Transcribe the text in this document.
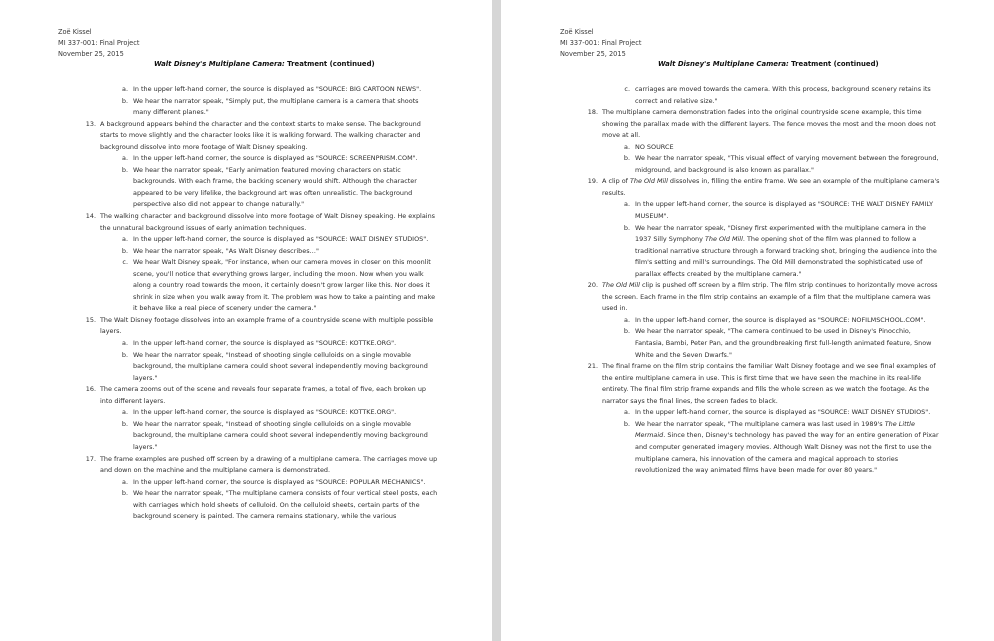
Zoë Kissel
MI 337-001: Final Project
November 25, 2015
Walt Disney's Multiplane Camera: Treatment (continued)
a. In the upper left-hand corner, the source is displayed as "SOURCE: BIG CARTOON NEWS".
b. We hear the narrator speak, "Simply put, the multiplane camera is a camera that shoots many different planes."
13. A background appears behind the character and the context starts to make sense. The background starts to move slightly and the character looks like it is walking forward. The walking character and background dissolve into more footage of Walt Disney speaking.
a. In the upper left-hand corner, the source is displayed as "SOURCE: SCREENPRISM.COM".
b. We hear the narrator speak, "Early animation featured moving characters on static backgrounds. With each frame, the backing scenery would shift. Although the character appeared to be very lifelike, the background art was often unrealistic. The background perspective also did not appear to change naturally."
14. The walking character and background dissolve into more footage of Walt Disney speaking. He explains the unnatural background issues of early animation techniques.
a. In the upper left-hand corner, the source is displayed as "SOURCE: WALT DISNEY STUDIOS".
b. We hear the narrator speak, "As Walt Disney describes…"
c. We hear Walt Disney speak, "For instance, when our camera moves in closer on this moonlit scene, you'll notice that everything grows larger, including the moon. Now when you walk along a country road towards the moon, it certainly doesn't grow larger like this. Nor does it shrink in size when you walk away from it. The problem was how to take a painting and make it behave like a real piece of scenery under the camera."
15. The Walt Disney footage dissolves into an example frame of a countryside scene with multiple possible layers.
a. In the upper left-hand corner, the source is displayed as "SOURCE: KOTTKE.ORG".
b. We hear the narrator speak, "Instead of shooting single celluloids on a single movable background, the multiplane camera could shoot several independently moving background layers."
16. The camera zooms out of the scene and reveals four separate frames, a total of five, each broken up into different layers.
a. In the upper left-hand corner, the source is displayed as "SOURCE: KOTTKE.ORG".
b. We hear the narrator speak, "Instead of shooting single celluloids on a single movable background, the multiplane camera could shoot several independently moving background layers."
17. The frame examples are pushed off screen by a drawing of a multiplane camera. The carriages move up and down on the machine and the multiplane camera is demonstrated.
a. In the upper left-hand corner, the source is displayed as "SOURCE: POPULAR MECHANICS".
b. We hear the narrator speak, "The multiplane camera consists of four vertical steel posts, each with carriages which hold sheets of celluloid. On the celluloid sheets, certain parts of the background scenery is painted. The camera remains stationary, while the various
Zoë Kissel
MI 337-001: Final Project
November 25, 2015
Walt Disney's Multiplane Camera: Treatment (continued)
c. carriages are moved towards the camera. With this process, background scenery retains its correct and relative size."
18. The multiplane camera demonstration fades into the original countryside scene example, this time showing the parallax made with the different layers. The fence moves the most and the moon does not move at all.
a. NO SOURCE
b. We hear the narrator speak, "This visual effect of varying movement between the foreground, midground, and background is also known as parallax."
19. A clip of The Old Mill dissolves in, filling the entire frame. We see an example of the multiplane camera's results.
a. In the upper left-hand corner, the source is displayed as "SOURCE: THE WALT DISNEY FAMILY MUSEUM".
b. We hear the narrator speak, "Disney first experimented with the multiplane camera in the 1937 Silly Symphony The Old Mill. The opening shot of the film was planned to follow a traditional narrative structure through a forward tracking shot, bringing the audience into the film's setting and mill's surroundings. The Old Mill demonstrated the sophisticated use of parallax effects created by the multiplane camera."
20. The Old Mill clip is pushed off screen by a film strip. The film strip continues to horizontally move across the screen. Each frame in the film strip contains an example of a film that the multiplane camera was used in.
a. In the upper left-hand corner, the source is displayed as "SOURCE: NOFILMSCHOOL.COM".
b. We hear the narrator speak, "The camera continued to be used in Disney's Pinocchio, Fantasia, Bambi, Peter Pan, and the groundbreaking first full-length animated feature, Snow White and the Seven Dwarfs."
21. The final frame on the film strip contains the familiar Walt Disney footage and we see final examples of the entire multiplane camera in use. This is first time that we have seen the machine in its real-life entirety. The final film strip frame expands and fills the whole screen as we watch the footage. As the narrator says the final lines, the screen fades to black.
a. In the upper left-hand corner, the source is displayed as "SOURCE: WALT DISNEY STUDIOS".
b. We hear the narrator speak, "The multiplane camera was last used in 1989's The Little Mermaid. Since then, Disney's technology has paved the way for an entire generation of Pixar and computer generated imagery movies. Although Walt Disney was not the first to use the multiplane camera, his innovation of the camera and magical approach to stories revolutionized the way animated films have been made for over 80 years."
